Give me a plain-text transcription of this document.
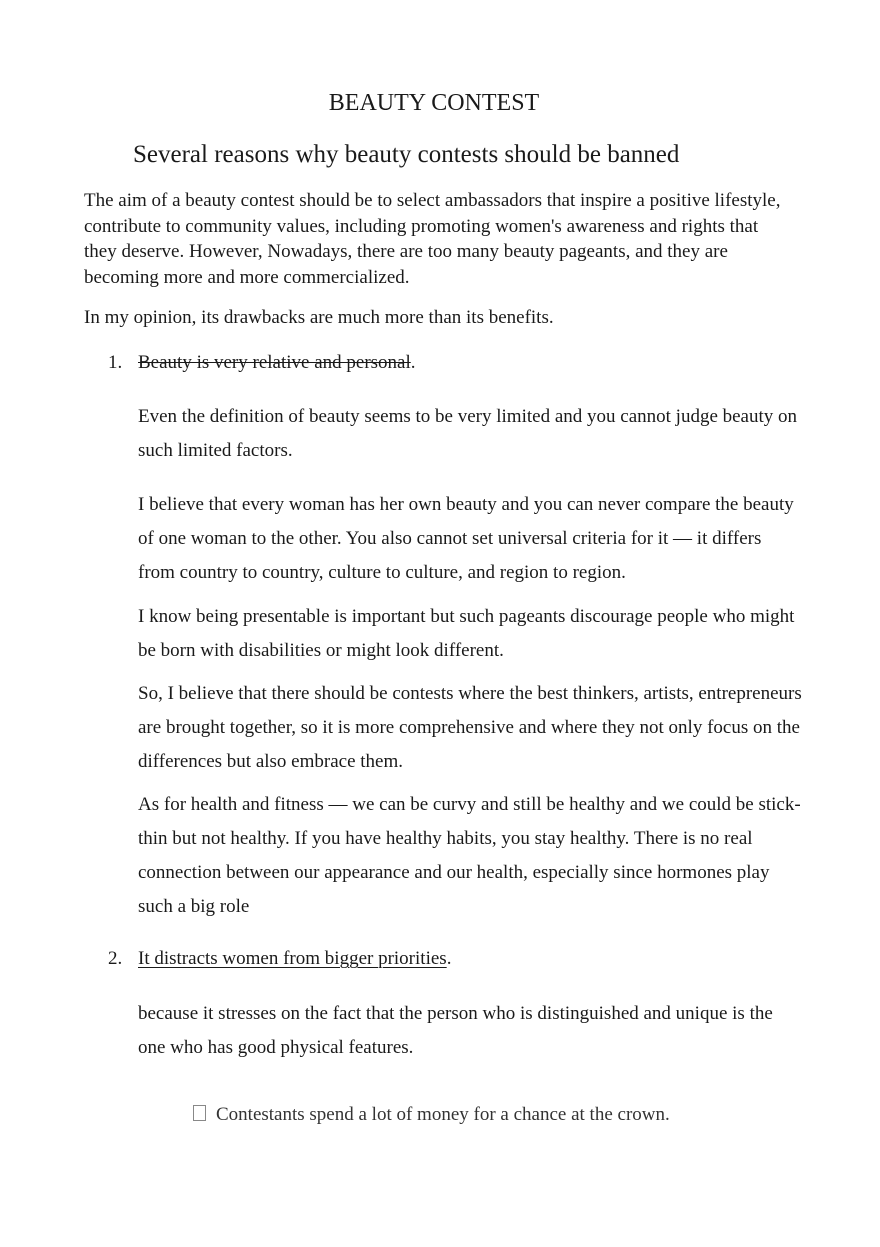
BEAUTY CONTEST
Several reasons why beauty contests should be banned

The aim of a beauty contest should be to select ambassadors that inspire a positive lifestyle, contribute to community values, including promoting women's awareness and rights that they deserve. However, Nowadays, there are too many beauty pageants, and they are becoming more and more commercialized.

In my opinion, its drawbacks are much more than its benefits.

1. Beauty is very relative and personal.

Even the definition of beauty seems to be very limited and you cannot judge beauty on such limited factors.

I believe that every woman has her own beauty and you can never compare the beauty of one woman to the other. You also cannot set universal criteria for it — it differs from country to country, culture to culture, and region to region.

I know being presentable is important but such pageants discourage people who might be born with disabilities or might look different.

So, I believe that there should be contests where the best thinkers, artists, entrepreneurs are brought together, so it is more comprehensive and where they not only focus on the differences but also embrace them.

As for health and fitness — we can be curvy and still be healthy and we could be stick-thin but not healthy. If you have healthy habits, you stay healthy. There is no real connection between our appearance and our health, especially since hormones play such a big role

2. It distracts women from bigger priorities.

because it stresses on the fact that the person who is distinguished and unique is the one who has good physical features.

Contestants spend a lot of money for a chance at the crown.
